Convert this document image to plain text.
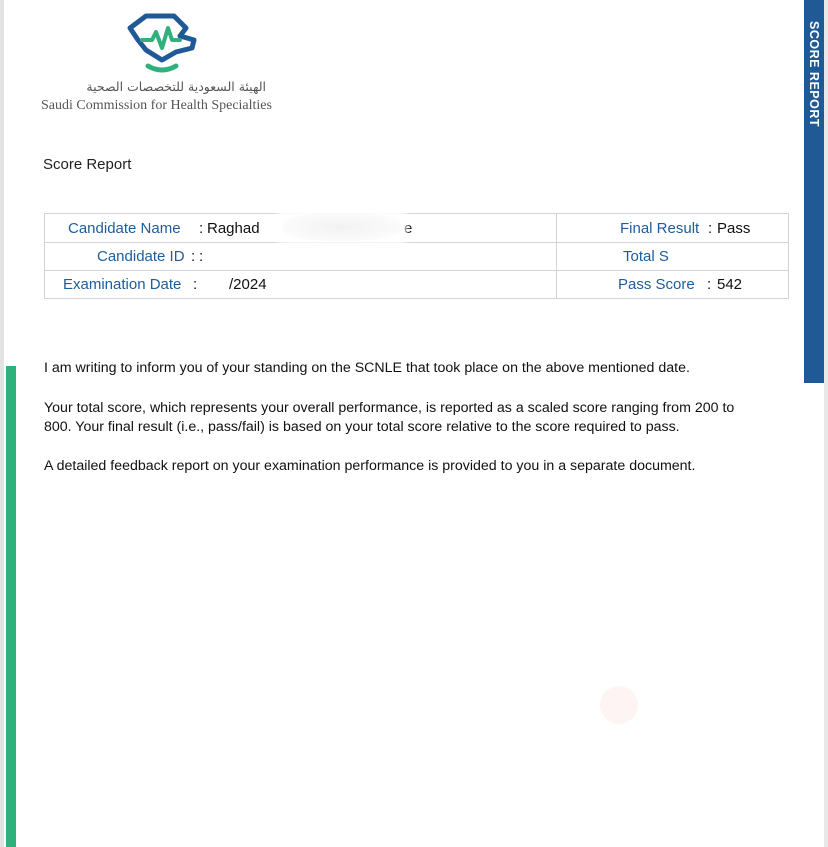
SCORE REPORT
الهيئة السعودية للتخصصات الصحية
Saudi Commission for Health Specialties
Score Report
Candidate Name : Raghad	e	Final Result : Pass
Candidate ID : :	Total S
Examination Date : /2024	Pass Score : 542
I am writing to inform you of your standing on the SCNLE that took place on the above mentioned date.
Your total score, which represents your overall performance, is reported as a scaled score ranging from 200 to
800. Your final result (i.e., pass/fail) is based on your total score relative to the score required to pass.
A detailed feedback report on your examination performance is provided to you in a separate document.
